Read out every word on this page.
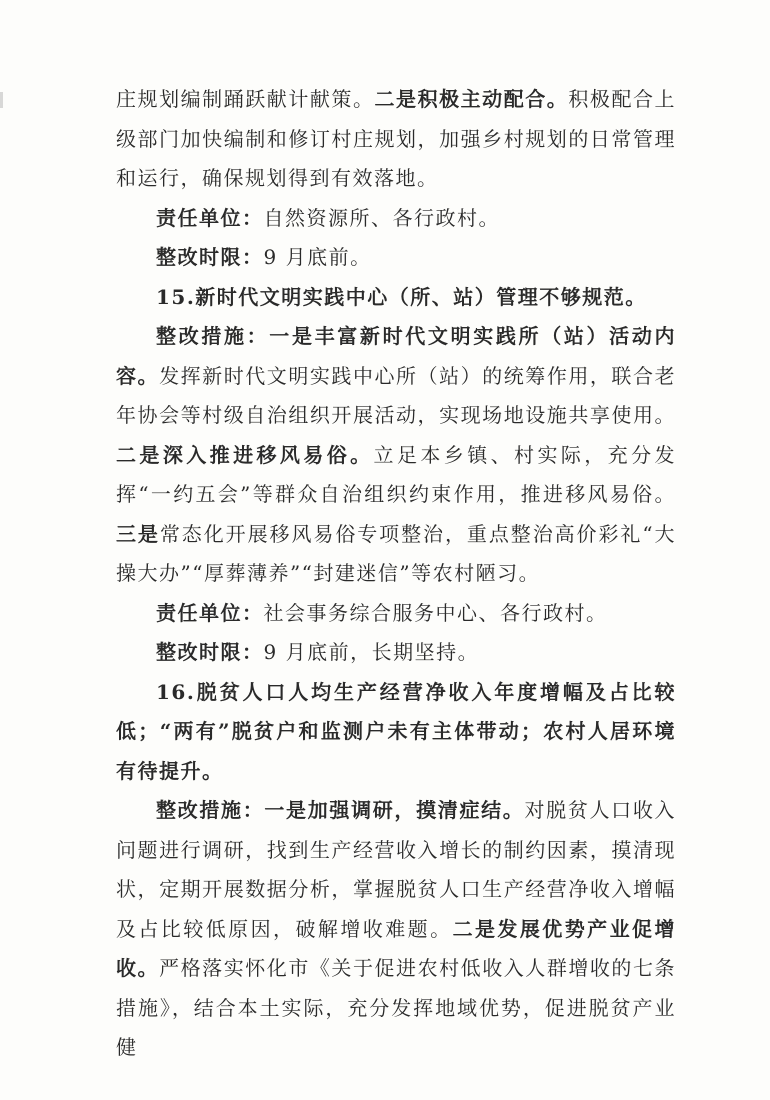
庄规划编制踊跃献计献策。二是积极主动配合。积极配合上级部门加快编制和修订村庄规划，加强乡村规划的日常管理和运行，确保规划得到有效落地。

责任单位：自然资源所、各行政村。

整改时限：9 月底前。

15.新时代文明实践中心（所、站）管理不够规范。

整改措施：一是丰富新时代文明实践所（站）活动内容。发挥新时代文明实践中心所（站）的统筹作用，联合老年协会等村级自治组织开展活动，实现场地设施共享使用。二是深入推进移风易俗。立足本乡镇、村实际，充分发挥“一约五会”等群众自治组织约束作用，推进移风易俗。三是常态化开展移风易俗专项整治，重点整治高价彩礼“大操大办”“厚葬薄养”“封建迷信”等农村陋习。

责任单位：社会事务综合服务中心、各行政村。

整改时限：9 月底前，长期坚持。

16.脱贫人口人均生产经营净收入年度增幅及占比较低；“两有”脱贫户和监测户未有主体带动；农村人居环境有待提升。

整改措施：一是加强调研，摸清症结。对脱贫人口收入问题进行调研，找到生产经营收入增长的制约因素，摸清现状，定期开展数据分析，掌握脱贫人口生产经营净收入增幅及占比较低原因，破解增收难题。二是发展优势产业促增收。严格落实怀化市《关于促进农村低收入人群增收的七条措施》，结合本土实际，充分发挥地域优势，促进脱贫产业健
